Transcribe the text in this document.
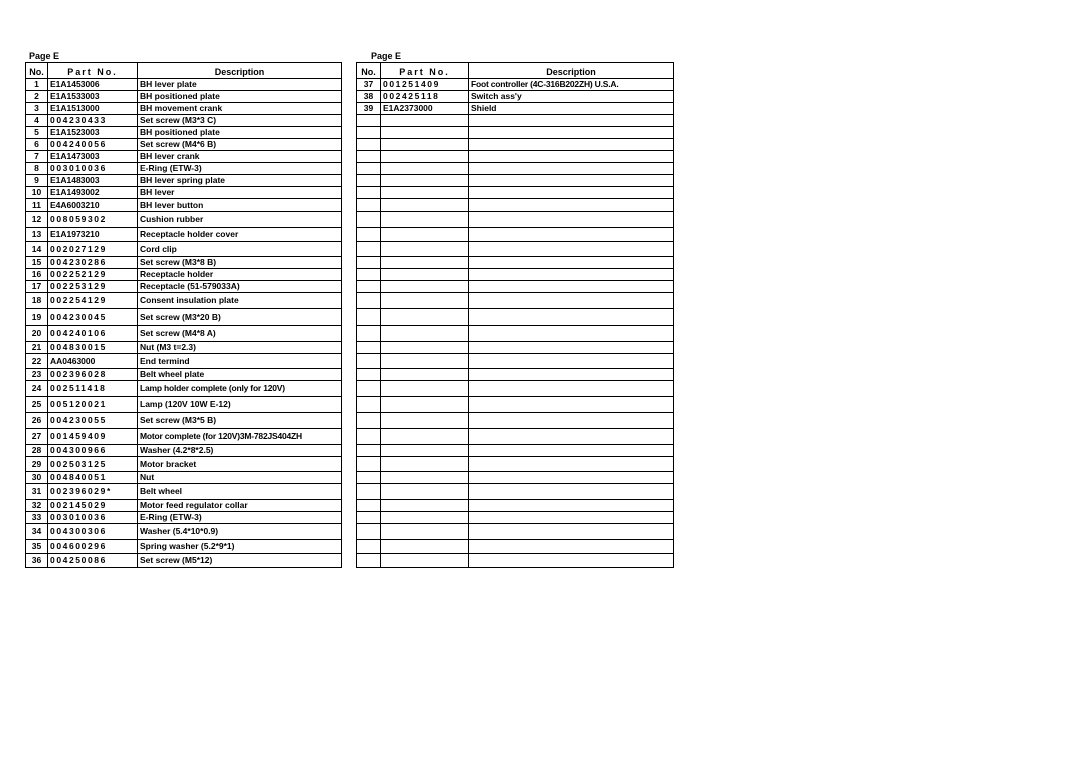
Page E	Page E
No.	Part No.	Description
1	E1A1453006	BH lever plate
2	E1A1533003	BH positioned plate
3	E1A1513000	BH movement crank
4	004230433	Set screw (M3*3 C)
5	E1A1523003	BH positioned plate
6	004240056	Set screw (M4*6 B)
7	E1A1473003	BH lever crank
8	003010036	E-Ring (ETW-3)
9	E1A1483003	BH lever spring plate
10	E1A1493002	BH lever
11	E4A6003210	BH lever button
12	008059302	Cushion rubber
13	E1A1973210	Receptacle holder cover
14	002027129	Cord clip
15	004230286	Set screw (M3*8 B)
16	002252129	Receptacle holder
17	002253129	Receptacle (51-579033A)
18	002254129	Consent insulation plate
19	004230045	Set screw (M3*20 B)
20	004240106	Set screw (M4*8 A)
21	004830015	Nut (M3 t=2.3)
22	AA0463000	End termind
23	002396028	Belt wheel plate
24	002511418	Lamp holder complete (only for 120V)
25	005120021	Lamp (120V 10W E-12)
26	004230055	Set screw (M3*5 B)
27	001459409	Motor complete (for 120V)3M-782JS404ZH
28	004300966	Washer (4.2*8*2.5)
29	002503125	Motor bracket
30	004840051	Nut
31	002396029*	Belt wheel
32	002145029	Motor feed regulator collar
33	003010036	E-Ring (ETW-3)
34	004300306	Washer (5.4*10*0.9)
35	004600296	Spring washer (5.2*9*1)
36	004250086	Set screw (M5*12)
No.	Part No.	Description
37	001251409	Foot controller (4C-316B202ZH) U.S.A.
38	002425118	Switch ass'y
39	E1A2373000	Shield
